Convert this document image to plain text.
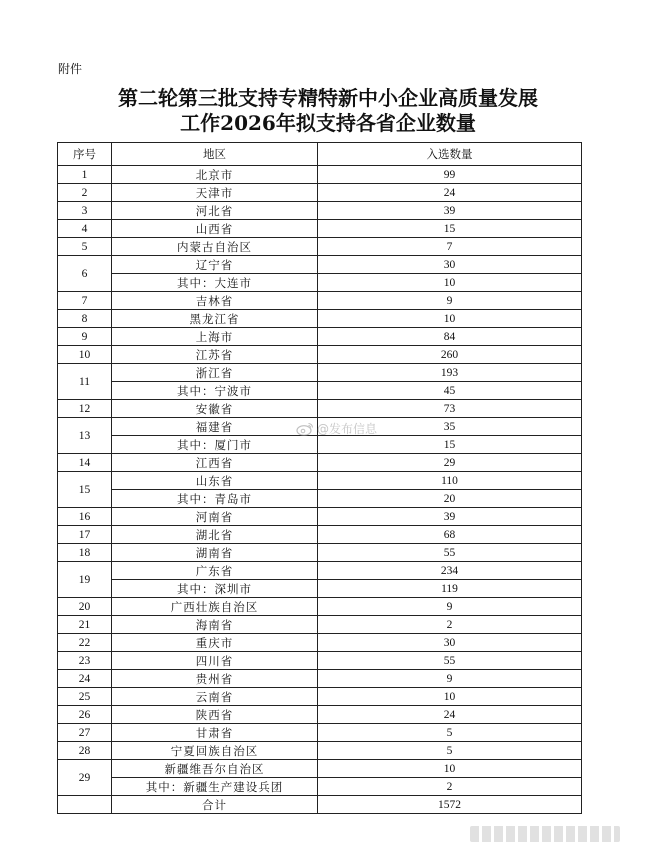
附件
第二轮第三批支持专精特新中小企业高质量发展
工作2026年拟支持各省企业数量
序号	地区	入选数量
1	北京市	99
2	天津市	24
3	河北省	39
4	山西省	15
5	内蒙古自治区	7
6	辽宁省	30
	其中：大连市	10
7	吉林省	9
8	黑龙江省	10
9	上海市	84
10	江苏省	260
11	浙江省	193
	其中：宁波市	45
12	安徽省	73
13	福建省	35
	其中：厦门市	15
14	江西省	29
15	山东省	110
	其中：青岛市	20
16	河南省	39
17	湖北省	68
18	湖南省	55
19	广东省	234
	其中：深圳市	119
20	广西壮族自治区	9
21	海南省	2
22	重庆市	30
23	四川省	55
24	贵州省	9
25	云南省	10
26	陕西省	24
27	甘肃省	5
28	宁夏回族自治区	5
29	新疆维吾尔自治区	10
	其中：新疆生产建设兵团	2
	合计	1572
@发布信息
